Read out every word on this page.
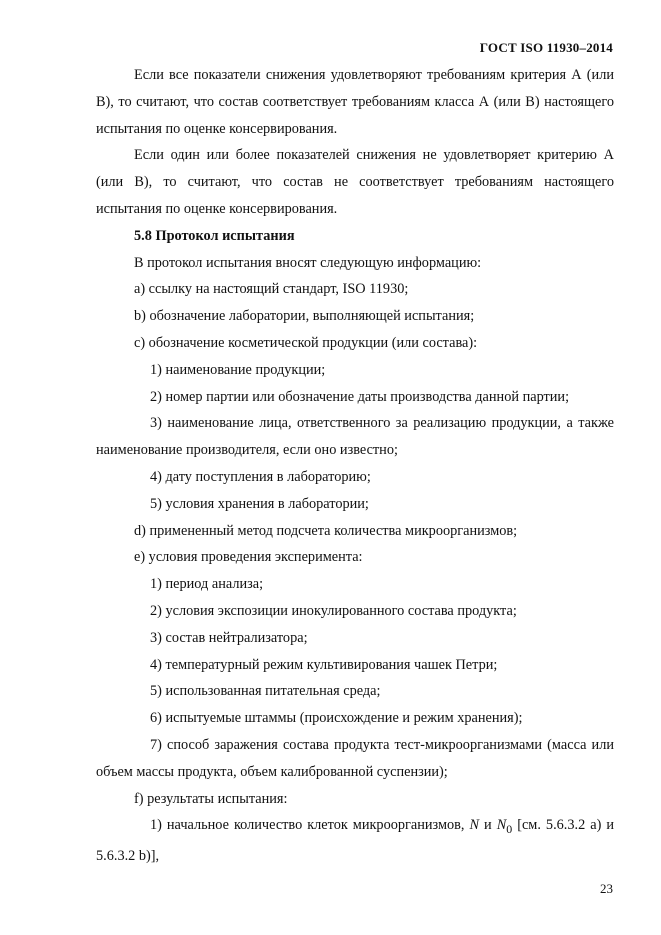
ГОСТ ISO 11930–2014

Если все показатели снижения удовлетворяют требованиям критерия А (или В), то считают, что состав соответствует требованиям класса А (или В) настоящего испытания по оценке консервирования.

Если один или более показателей снижения не удовлетворяет критерию А (или В), то считают, что состав не соответствует требованиям настоящего испытания по оценке консервирования.

5.8 Протокол испытания

В протокол испытания вносят следующую информацию:

a) ссылку на настоящий стандарт, ISO 11930;

b) обозначение лаборатории, выполняющей испытания;

c) обозначение косметической продукции (или состава):

1) наименование продукции;

2) номер партии или обозначение даты производства данной партии;

3) наименование лица, ответственного за реализацию продукции, а также наименование производителя, если оно известно;

4) дату поступления в лабораторию;

5) условия хранения в лаборатории;

d) примененный метод подсчета количества микроорганизмов;

e) условия проведения эксперимента:

1) период анализа;

2) условия экспозиции инокулированного состава продукта;

3) состав нейтрализатора;

4) температурный режим культивирования чашек Петри;

5) использованная питательная среда;

6) испытуемые штаммы (происхождение и режим хранения);

7) способ заражения состава продукта тест-микроорганизмами (масса или объем массы продукта, объем калиброванной суспензии);

f) результаты испытания:

1) начальное количество клеток микроорганизмов, N и $N_0$ [см. 5.6.3.2 a) и 5.6.3.2 b)],

23
